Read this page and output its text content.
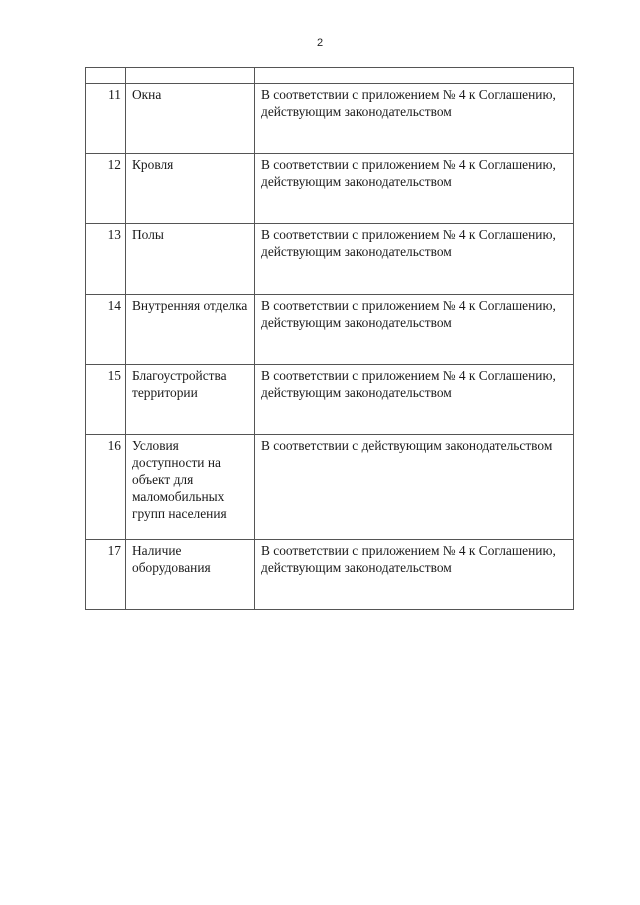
2

11	Окна	В соответствии с приложением № 4 к Соглашению, действующим законодательством
12	Кровля	В соответствии с приложением № 4 к Соглашению, действующим законодательством
13	Полы	В соответствии с приложением № 4 к Соглашению, действующим законодательством
14	Внутренняя отделка	В соответствии с приложением № 4 к Соглашению, действующим законодательством
15	Благоустройства территории	В соответствии с приложением № 4 к Соглашению, действующим законодательством
16	Условия доступности на объект для маломобильных групп населения	В соответствии с действующим законодательством
17	Наличие оборудования	В соответствии с приложением № 4 к Соглашению, действующим законодательством
